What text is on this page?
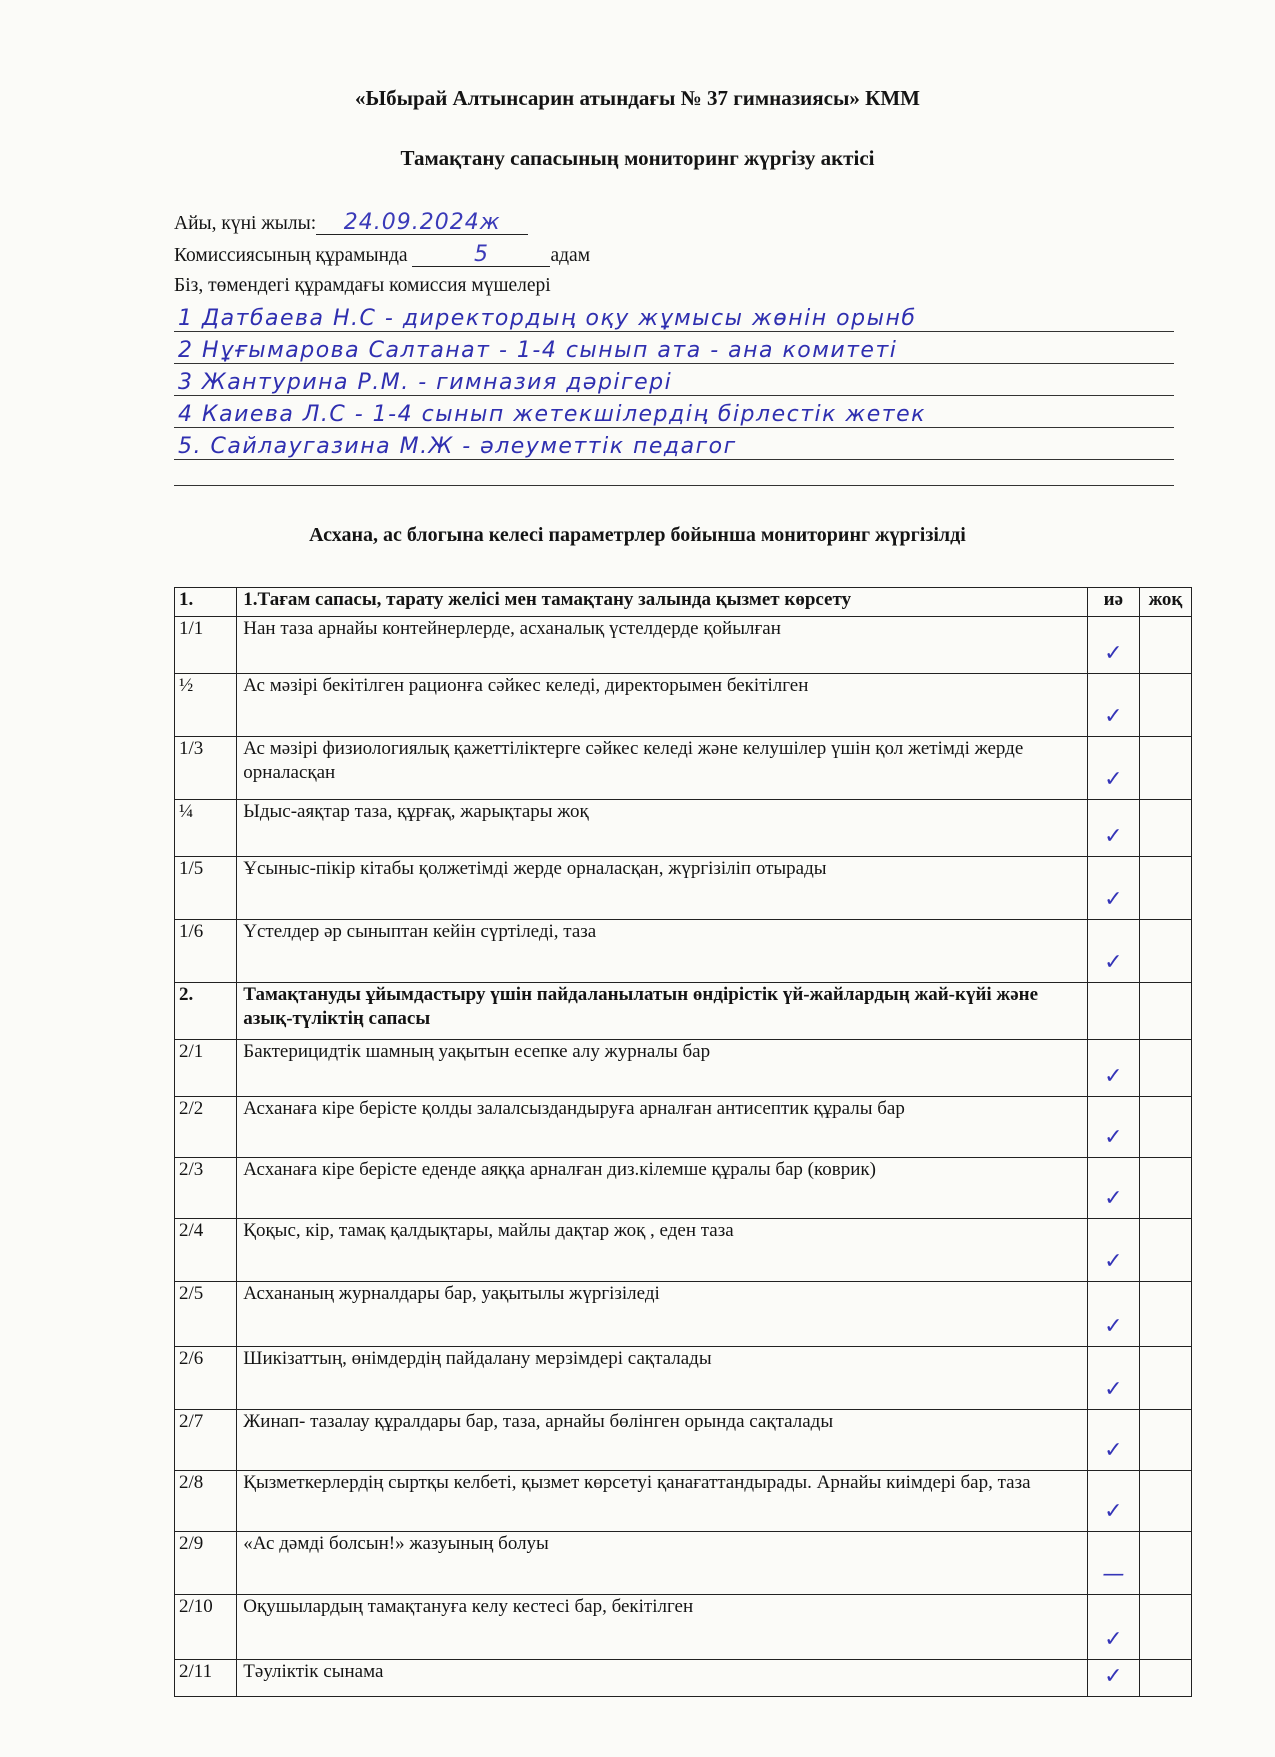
«Ыбырай Алтынсарин атындағы № 37 гимназиясы» КММ
Тамақтану сапасының мониторинг жүргізу актісі
Айы, күні жылы: 24.09.2024ж
Комиссиясының құрамында	5	адам
Біз, төмендегі құрамдағы комиссия мүшелері
1 Датбаева Н.С - директордың оқу жұмысы жөнін орынб
2 Нұғымарова Салтанат - 1-4 сынып ата - ана комитеті
3 Жантурина Р.М. - гимназия дәрігері
4 Каиева Л.С - 1-4 сынып жетекшілердің бірлестік жетек
5. Сайлаугазина М.Ж - әлеуметтік педагог
Асхана, ас блогына келесі параметрлер бойынша мониторинг жүргізілді
1.	1.Тағам сапасы, тарату желісі мен тамақтану залында қызмет көрсету	иә	жоқ
1/1	Нан таза арнайы контейнерлерде, асханалық үстелдерде қойылған	✓	
½	Ас мәзірі бекітілген рационға сәйкес келеді, директорымен бекітілген	✓	
1/3	Ас мәзірі физиологиялық қажеттіліктерге сәйкес келеді және келушілер үшін қол жетімді жерде орналасқан	✓	
¼	Ыдыс-аяқтар таза, құрғақ, жарықтары жоқ	✓	
1/5	Ұсыныс-пікір кітабы қолжетімді жерде орналасқан, жүргізіліп отырады	✓	
1/6	Үстелдер әр сыныптан кейін сүртіледі, таза	✓	
2.	Тамақтануды ұйымдастыру үшін пайдаланылатын өндірістік үй-жайлардың жай-күйі және азық-түліктің сапасы		
2/1	Бактерицидтік шамның уақытын есепке алу журналы бар	✓	
2/2	Асханаға кіре берісте қолды залалсыздандыруға арналған антисептик құралы бар	✓	
2/3	Асханаға кіре берісте еденде аяққа арналған диз.кілемше құралы бар (коврик)	✓	
2/4	Қоқыс, кір, тамақ қалдықтары, майлы дақтар жоқ , еден таза	✓	
2/5	Асхананың журналдары бар, уақытылы жүргізіледі	✓	
2/6	Шикізаттың, өнімдердің пайдалану мерзімдері сақталады	✓	
2/7	Жинап- тазалау құралдары бар, таза, арнайы бөлінген орында сақталады	✓	
2/8	Қызметкерлердің сыртқы келбеті, қызмет көрсетуі қанағаттандырады. Арнайы киімдері бар, таза	✓	
2/9	«Ас дәмді болсын!» жазуының болуы	—	
2/10	Оқушылардың тамақтануға келу кестесі бар, бекітілген	✓	
2/11	Тәуліктік сынама	✓	
